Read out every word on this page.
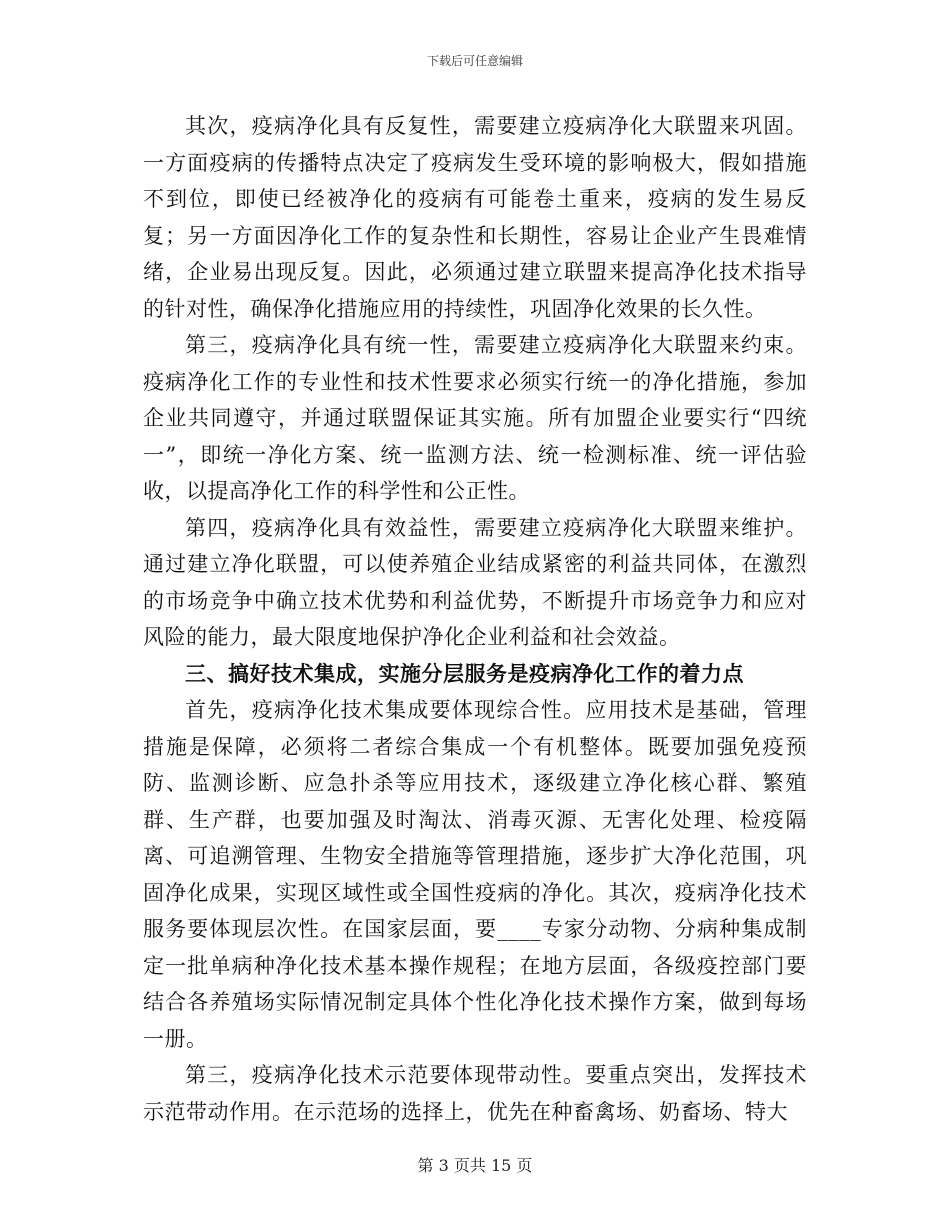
下载后可任意编辑

其次，疫病净化具有反复性，需要建立疫病净化大联盟来巩固。一方面疫病的传播特点决定了疫病发生受环境的影响极大，假如措施不到位，即使已经被净化的疫病有可能卷土重来，疫病的发生易反复；另一方面因净化工作的复杂性和长期性，容易让企业产生畏难情绪，企业易出现反复。因此，必须通过建立联盟来提高净化技术指导的针对性，确保净化措施应用的持续性，巩固净化效果的长久性。

第三，疫病净化具有统一性，需要建立疫病净化大联盟来约束。疫病净化工作的专业性和技术性要求必须实行统一的净化措施，参加企业共同遵守，并通过联盟保证其实施。所有加盟企业要实行“四统一”，即统一净化方案、统一监测方法、统一检测标准、统一评估验收，以提高净化工作的科学性和公正性。

第四，疫病净化具有效益性，需要建立疫病净化大联盟来维护。通过建立净化联盟，可以使养殖企业结成紧密的利益共同体，在激烈的市场竞争中确立技术优势和利益优势，不断提升市场竞争力和应对风险的能力，最大限度地保护净化企业利益和社会效益。

三、搞好技术集成，实施分层服务是疫病净化工作的着力点

首先，疫病净化技术集成要体现综合性。应用技术是基础，管理措施是保障，必须将二者综合集成一个有机整体。既要加强免疫预防、监测诊断、应急扑杀等应用技术，逐级建立净化核心群、繁殖群、生产群，也要加强及时淘汰、消毒灭源、无害化处理、检疫隔离、可追溯管理、生物安全措施等管理措施，逐步扩大净化范围，巩固净化成果，实现区域性或全国性疫病的净化。其次，疫病净化技术服务要体现层次性。在国家层面，要____专家分动物、分病种集成制定一批单病种净化技术基本操作规程；在地方层面，各级疫控部门要结合各养殖场实际情况制定具体个性化净化技术操作方案，做到每场一册。

第三，疫病净化技术示范要体现带动性。要重点突出，发挥技术示范带动作用。在示范场的选择上，优先在种畜禽场、奶畜场、特大

第 3 页共 15 页
